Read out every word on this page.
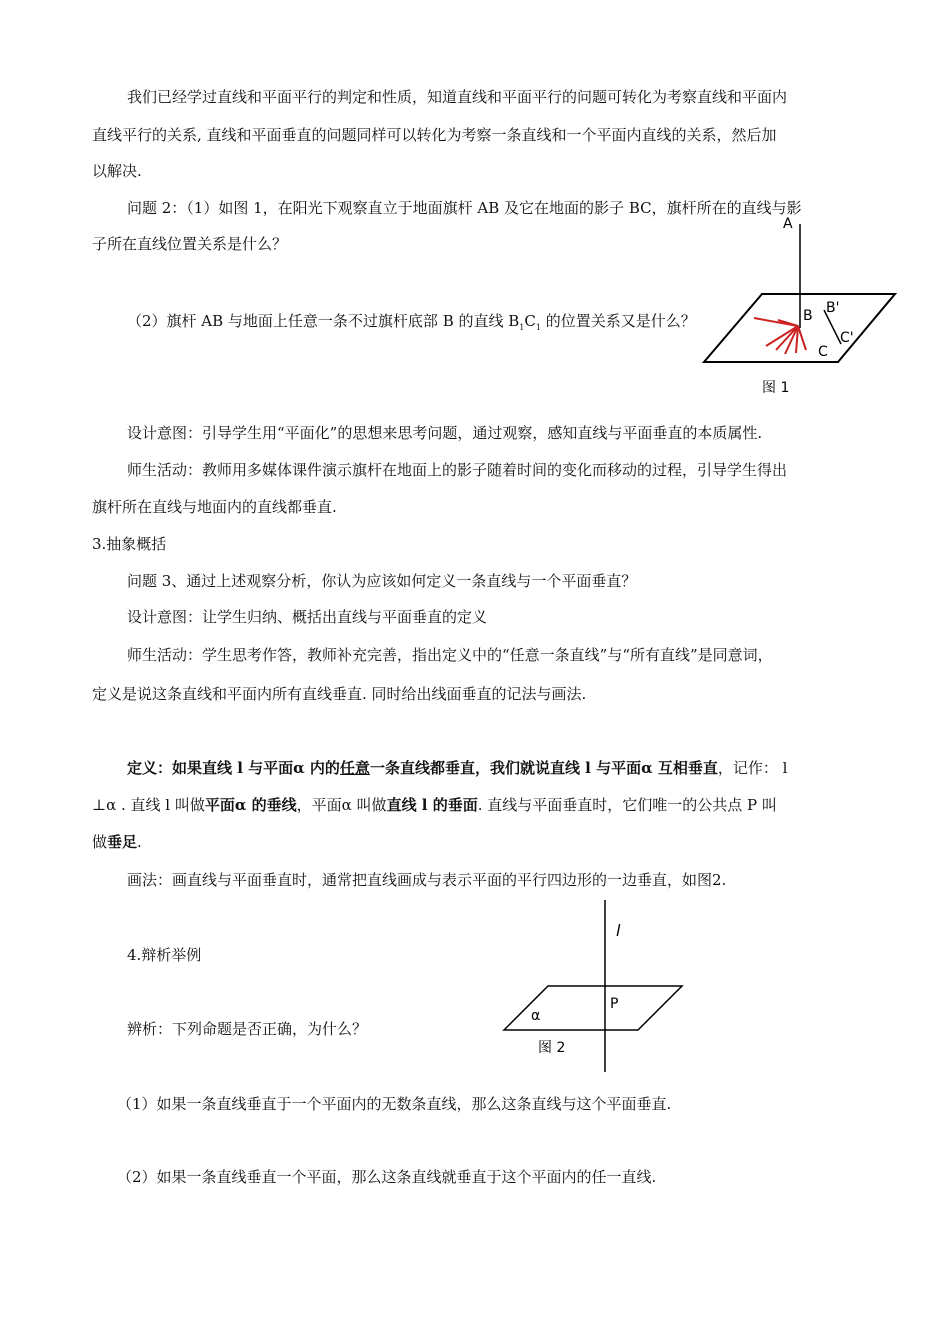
我们已经学过直线和平面平行的判定和性质，知道直线和平面平行的问题可转化为考察直线和平面内
直线平行的关系, 直线和平面垂直的问题同样可以转化为考察一条直线和一个平面内直线的关系，然后加
以解决.
问题 2：（1）如图 1，在阳光下观察直立于地面旗杆 AB 及它在地面的影子 BC，旗杆所在的直线与影
子所在直线位置关系是什么？
（2）旗杆 AB 与地面上任意一条不过旗杆底部 B 的直线 $B_1C_1$ 的位置关系又是什么？
A
B B'
C
C'
图 1
设计意图：引导学生用“平面化”的思想来思考问题，通过观察，感知直线与平面垂直的本质属性.
师生活动：教师用多媒体课件演示旗杆在地面上的影子随着时间的变化而移动的过程，引导学生得出
旗杆所在直线与地面内的直线都垂直.
3.抽象概括
问题 3、通过上述观察分析，你认为应该如何定义一条直线与一个平面垂直？
设计意图：让学生归纳、概括出直线与平面垂直的定义
师生活动：学生思考作答，教师补充完善，指出定义中的“任意一条直线”与“所有直线”是同意词，
定义是说这条直线和平面内所有直线垂直. 同时给出线面垂直的记法与画法.
定义：如果直线 l 与平面α 内的任意一条直线都垂直，我们就说直线 l 与平面α 互相垂直，记作： l
⊥α . 直线 l 叫做平面α 的垂线，平面α 叫做直线 l 的垂面. 直线与平面垂直时，它们唯一的公共点 P 叫
做垂足.
画法：画直线与平面垂直时，通常把直线画成与表示平面的平行四边形的一边垂直，如图2.
4.辩析举例
辨析：下列命题是否正确，为什么？
l
P
α
图 2
（1）如果一条直线垂直于一个平面内的无数条直线，那么这条直线与这个平面垂直.
（2）如果一条直线垂直一个平面，那么这条直线就垂直于这个平面内的任一直线.
